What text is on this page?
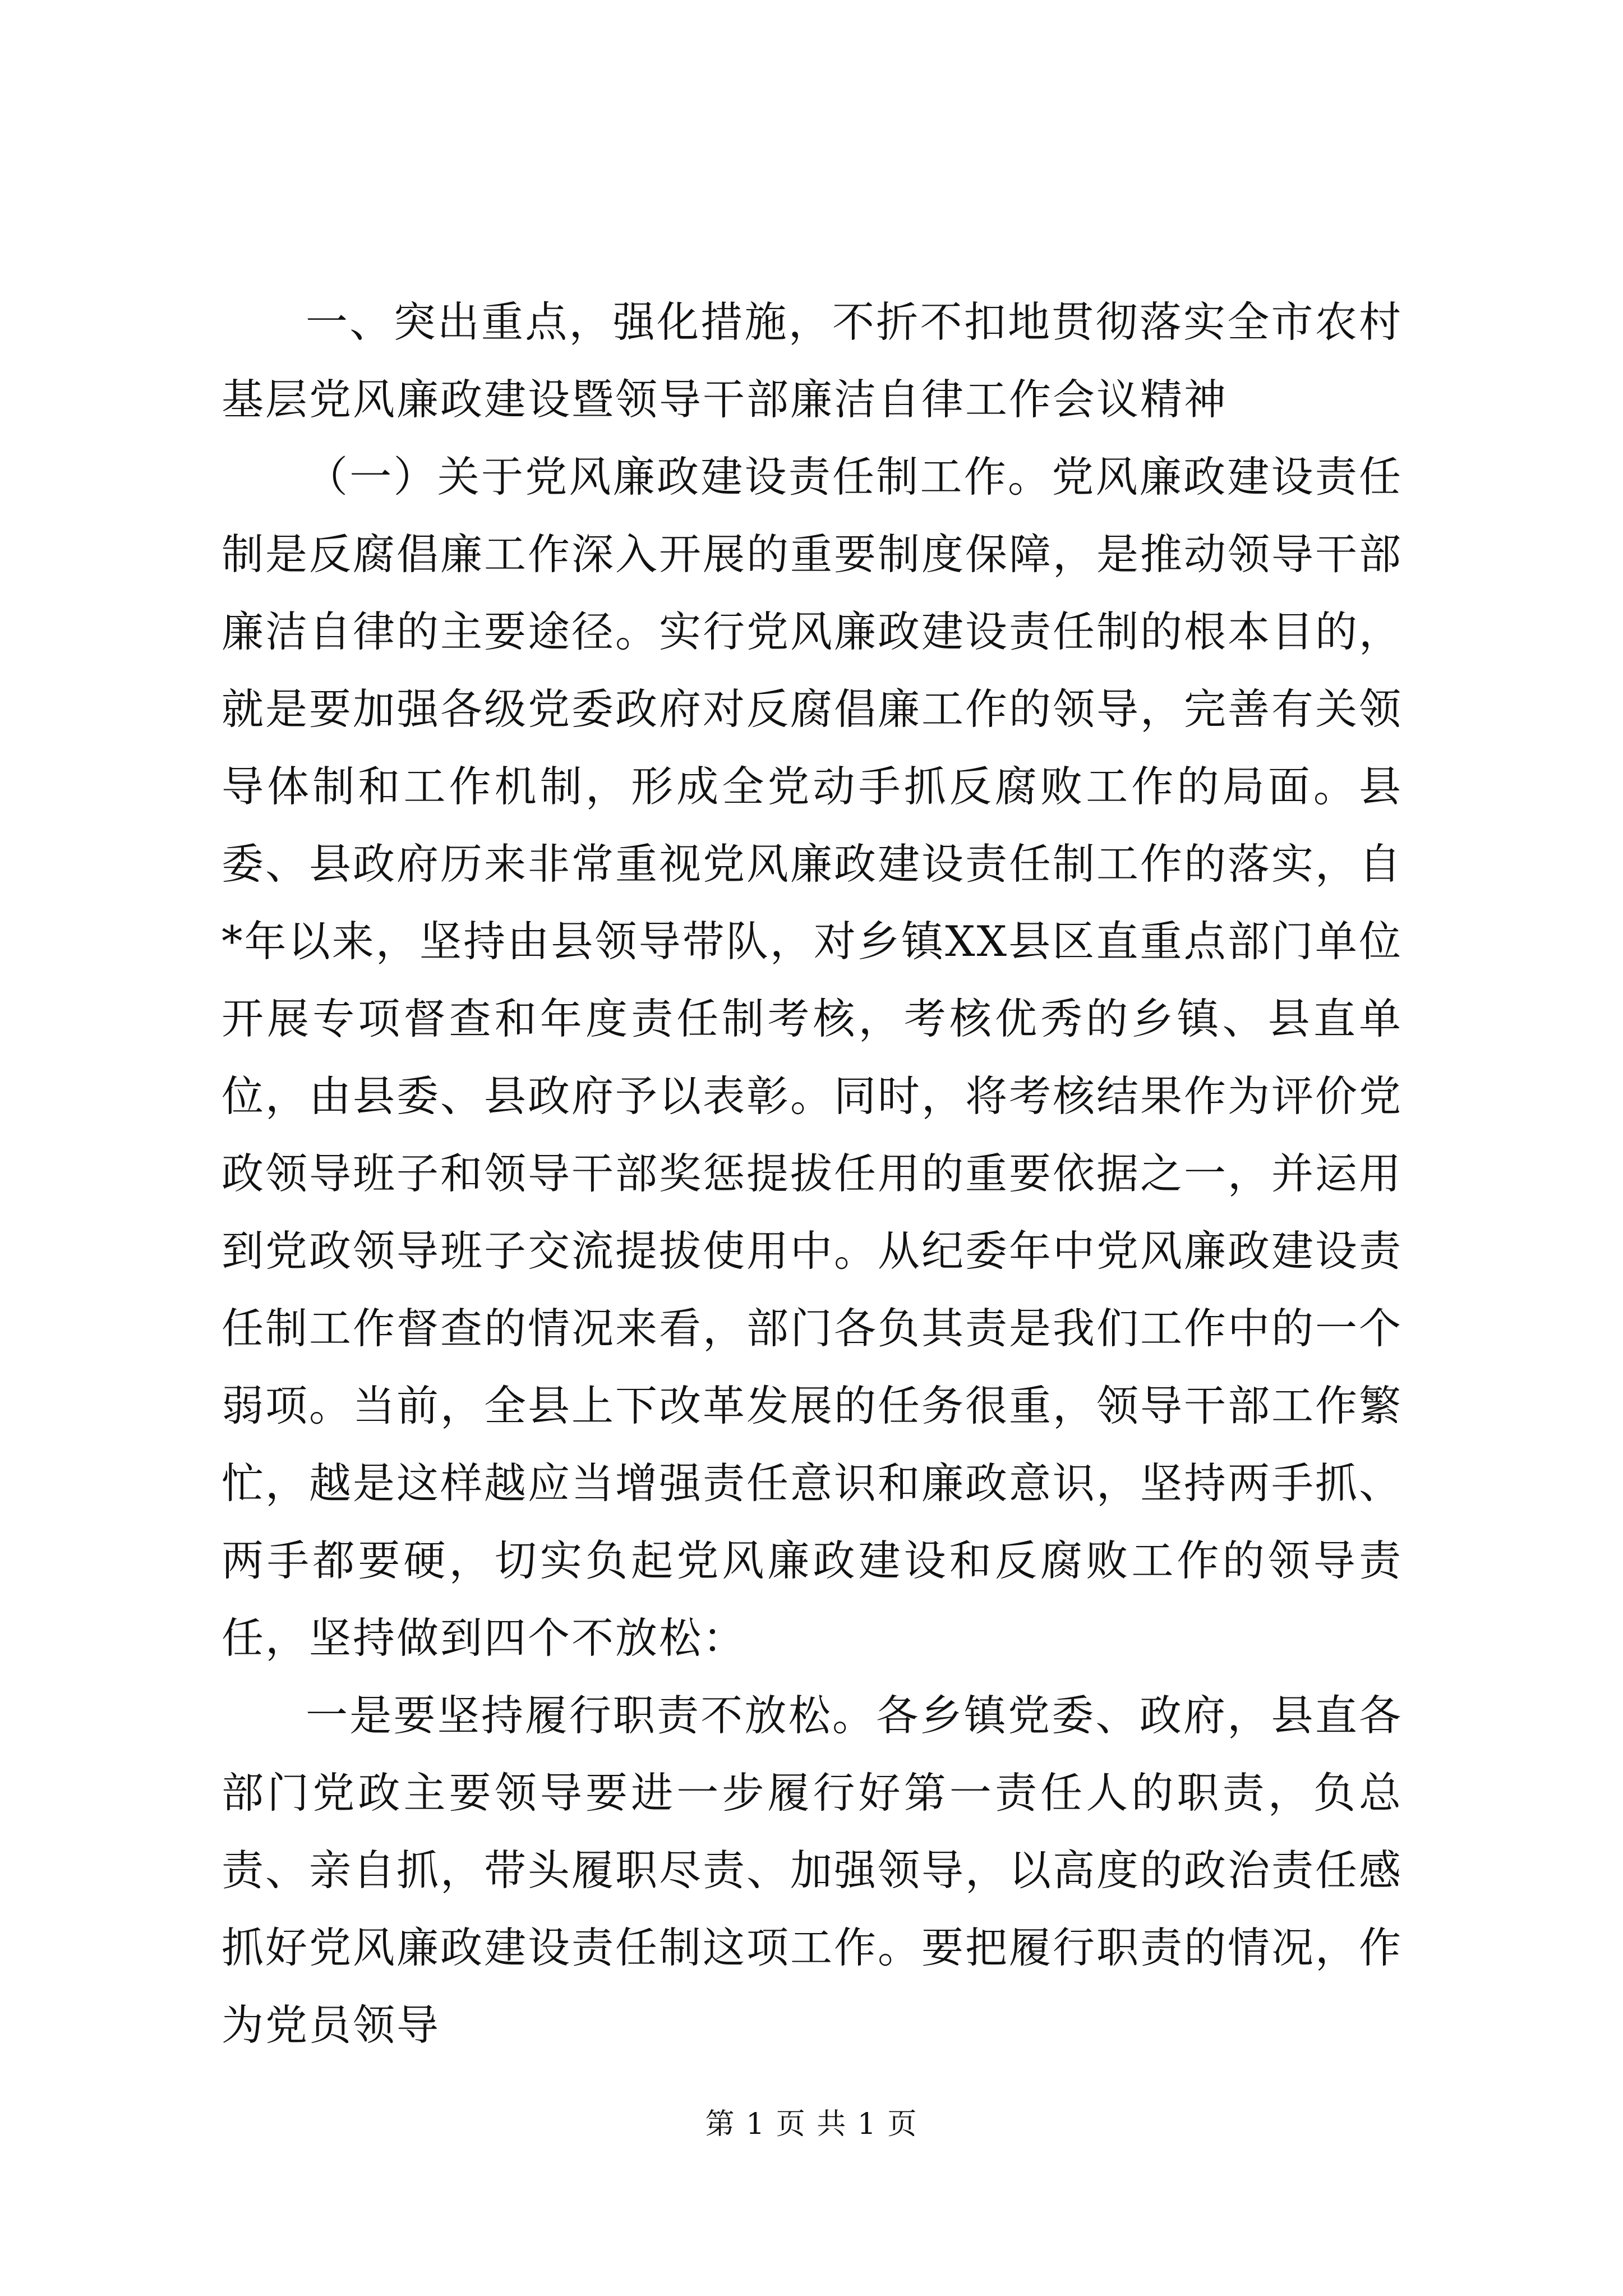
一、突出重点，强化措施，不折不扣地贯彻落实全市农村基层党风廉政建设暨领导干部廉洁自律工作会议精神

（一）关于党风廉政建设责任制工作。党风廉政建设责任制是反腐倡廉工作深入开展的重要制度保障，是推动领导干部廉洁自律的主要途径。实行党风廉政建设责任制的根本目的，就是要加强各级党委政府对反腐倡廉工作的领导，完善有关领导体制和工作机制，形成全党动手抓反腐败工作的局面。县委、县政府历来非常重视党风廉政建设责任制工作的落实，自*年以来，坚持由县领导带队，对乡镇XX县区直重点部门单位开展专项督查和年度责任制考核，考核优秀的乡镇、县直单位，由县委、县政府予以表彰。同时，将考核结果作为评价党政领导班子和领导干部奖惩提拔任用的重要依据之一，并运用到党政领导班子交流提拔使用中。从纪委年中党风廉政建设责任制工作督查的情况来看，部门各负其责是我们工作中的一个弱项。当前，全县上下改革发展的任务很重，领导干部工作繁忙，越是这样越应当增强责任意识和廉政意识，坚持两手抓、两手都要硬，切实负起党风廉政建设和反腐败工作的领导责任，坚持做到四个不放松：

一是要坚持履行职责不放松。各乡镇党委、政府，县直各部门党政主要领导要进一步履行好第一责任人的职责，负总责、亲自抓，带头履职尽责、加强领导，以高度的政治责任感抓好党风廉政建设责任制这项工作。要把履行职责的情况，作为党员领导

第 1 页 共 1 页
